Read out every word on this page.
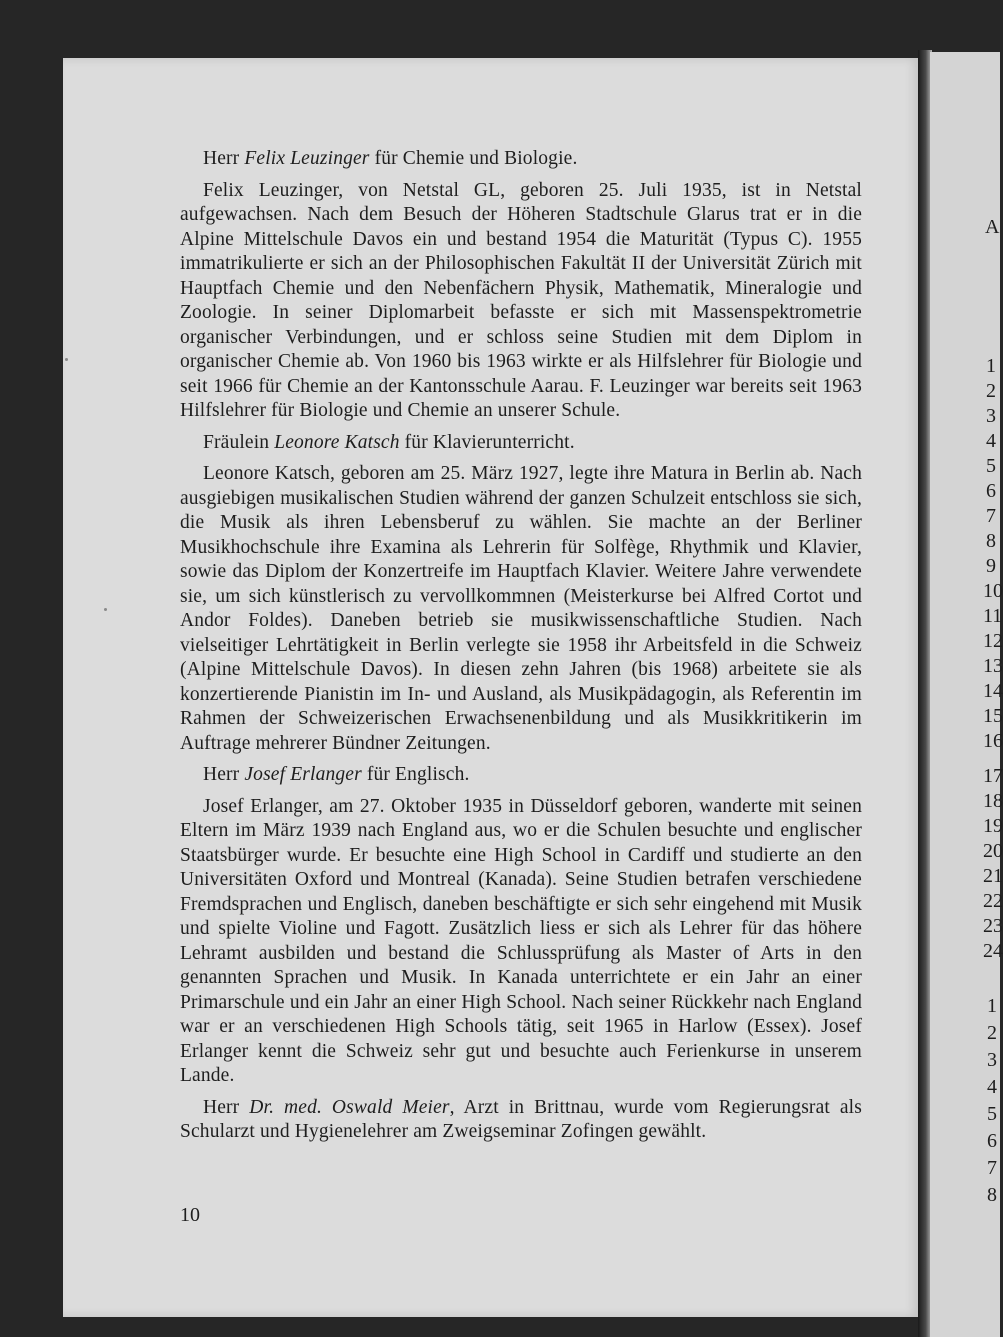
Herr Felix Leuzinger für Chemie und Biologie.

Felix Leuzinger, von Netstal GL, geboren 25. Juli 1935, ist in Netstal aufgewachsen. Nach dem Besuch der Höheren Stadtschule Glarus trat er in die Alpine Mittelschule Davos ein und bestand 1954 die Maturität (Typus C). 1955 immatrikulierte er sich an der Philosophischen Fakultät II der Universität Zürich mit Hauptfach Chemie und den Nebenfächern Physik, Mathematik, Mineralogie und Zoologie. In seiner Diplomarbeit befasste er sich mit Massenspektrometrie organischer Verbindungen, und er schloss seine Studien mit dem Diplom in organischer Chemie ab. Von 1960 bis 1963 wirkte er als Hilfslehrer für Biologie und seit 1966 für Chemie an der Kantonsschule Aarau. F. Leuzinger war bereits seit 1963 Hilfslehrer für Biologie und Chemie an unserer Schule.

Fräulein Leonore Katsch für Klavierunterricht.

Leonore Katsch, geboren am 25. März 1927, legte ihre Matura in Berlin ab. Nach ausgiebigen musikalischen Studien während der ganzen Schulzeit entschloss sie sich, die Musik als ihren Lebensberuf zu wählen. Sie machte an der Berliner Musikhochschule ihre Examina als Lehrerin für Solfège, Rhythmik und Klavier, sowie das Diplom der Konzertreife im Hauptfach Klavier. Weitere Jahre verwendete sie, um sich künstlerisch zu vervollkommnen (Meisterkurse bei Alfred Cortot und Andor Foldes). Daneben betrieb sie musikwissenschaftliche Studien. Nach vielseitiger Lehrtätigkeit in Berlin verlegte sie 1958 ihr Arbeitsfeld in die Schweiz (Alpine Mittelschule Davos). In diesen zehn Jahren (bis 1968) arbeitete sie als konzertierende Pianistin im In- und Ausland, als Musikpädagogin, als Referentin im Rahmen der Schweizerischen Erwachsenenbildung und als Musikkritikerin im Auftrage mehrerer Bündner Zeitungen.

Herr Josef Erlanger für Englisch.

Josef Erlanger, am 27. Oktober 1935 in Düsseldorf geboren, wanderte mit seinen Eltern im März 1939 nach England aus, wo er die Schulen besuchte und englischer Staatsbürger wurde. Er besuchte eine High School in Cardiff und studierte an den Universitäten Oxford und Montreal (Kanada). Seine Studien betrafen verschiedene Fremdsprachen und Englisch, daneben beschäftigte er sich sehr eingehend mit Musik und spielte Violine und Fagott. Zusätzlich liess er sich als Lehrer für das höhere Lehramt ausbilden und bestand die Schlussprüfung als Master of Arts in den genannten Sprachen und Musik. In Kanada unterrichtete er ein Jahr an einer Primarschule und ein Jahr an einer High School. Nach seiner Rückkehr nach England war er an verschiedenen High Schools tätig, seit 1965 in Harlow (Essex). Josef Erlanger kennt die Schweiz sehr gut und besuchte auch Ferienkurse in unserem Lande.

Herr Dr. med. Oswald Meier, Arzt in Brittnau, wurde vom Regierungsrat als Schularzt und Hygienelehrer am Zweigseminar Zofingen gewählt.

10
A
1
2
3
4
5
6
7
8
9
10
11
12
13
14
15
16
17
18
19
20
21
22
23
24
1
2
3
4
5
6
7
8
